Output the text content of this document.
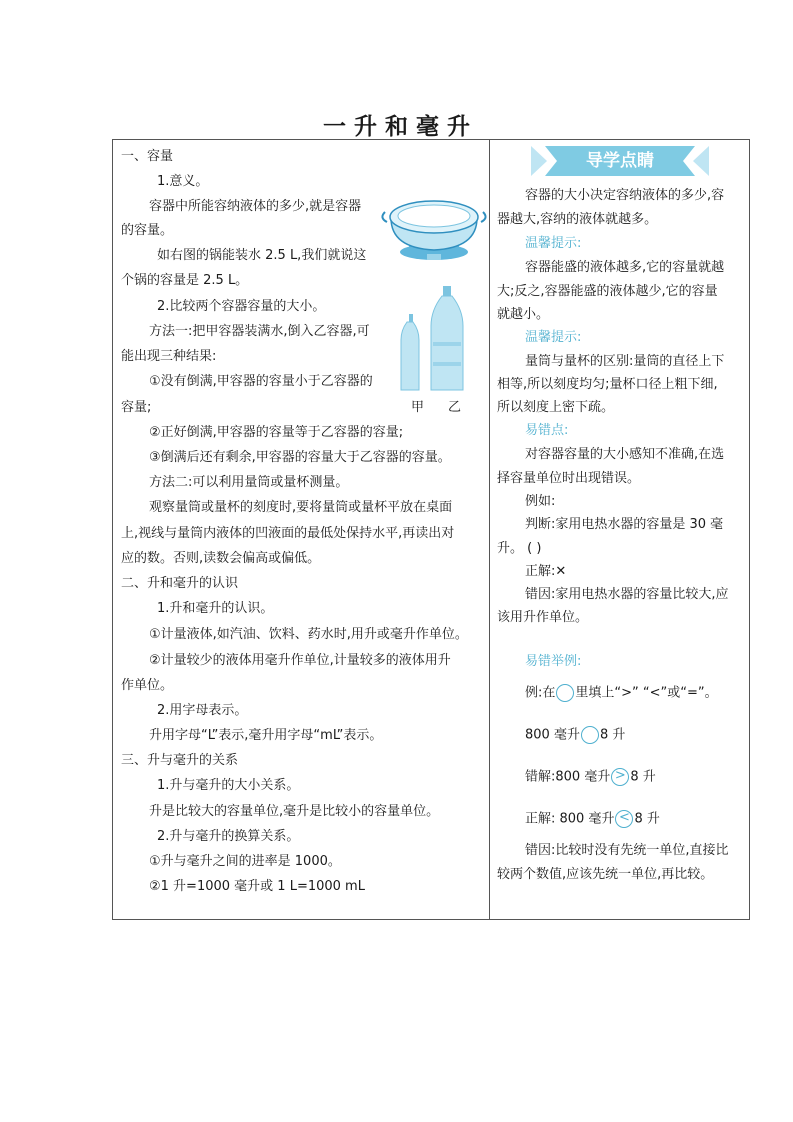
一 升 和 毫 升
一、容量
1.意义。
容器中所能容纳液体的多少,就是容器
的容量。
如右图的锅能装水 2.5 L,我们就说这
个锅的容量是 2.5 L。
2.比较两个容器容量的大小。
方法一:把甲容器装满水,倒入乙容器,可
能出现三种结果:
①没有倒满,甲容器的容量小于乙容器的
容量;	甲 乙
②正好倒满,甲容器的容量等于乙容器的容量;
③倒满后还有剩余,甲容器的容量大于乙容器的容量。
方法二:可以利用量筒或量杯测量。
观察量筒或量杯的刻度时,要将量筒或量杯平放在桌面
上,视线与量筒内液体的凹液面的最低处保持水平,再读出对
应的数。否则,读数会偏高或偏低。
二、升和毫升的认识
1.升和毫升的认识。
①计量液体,如汽油、饮料、药水时,用升或毫升作单位。
②计量较少的液体用毫升作单位,计量较多的液体用升
作单位。
2.用字母表示。
升用字母“L”表示,毫升用字母“mL”表示。
三、升与毫升的关系
1.升与毫升的大小关系。
升是比较大的容量单位,毫升是比较小的容量单位。
2.升与毫升的换算关系。
①升与毫升之间的进率是 1000。
②1 升=1000 毫升或 1 L=1000 mL
导学点睛
容器的大小决定容纳液体的多少,容
器越大,容纳的液体就越多。
温馨提示:
容器能盛的液体越多,它的容量就越
大;反之,容器能盛的液体越少,它的容量
就越小。
温馨提示:
量筒与量杯的区别:量筒的直径上下
相等,所以刻度均匀;量杯口径上粗下细,
所以刻度上密下疏。
易错点:
对容器容量的大小感知不准确,在选
择容量单位时出现错误。
例如:
判断:家用电热水器的容量是 30 毫
升。 ( )
正解:✕
错因:家用电热水器的容量比较大,应
该用升作单位。
易错举例:
例:在 里填上“>” “<”或“=”。
800 毫升 8 升
错解:800 毫升 > 8 升
正解: 800 毫升 < 8 升
错因:比较时没有先统一单位,直接比
较两个数值,应该先统一单位,再比较。
